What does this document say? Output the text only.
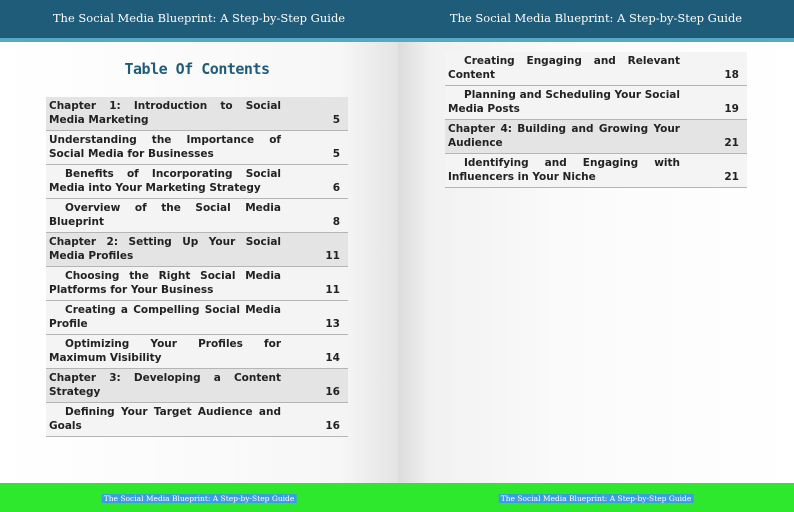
The Social Media Blueprint: A Step-by-Step Guide
Table Of Contents
Chapter 1: Introduction to Social Media Marketing	5
Understanding the Importance of Social Media for Businesses	5
Benefits of Incorporating Social Media into Your Marketing Strategy	6
Overview of the Social Media Blueprint	8
Chapter 2: Setting Up Your Social Media Profiles	11
Choosing the Right Social Media Platforms for Your Business	11
Creating a Compelling Social Media Profile	13
Optimizing Your Profiles for Maximum Visibility	14
Chapter 3: Developing a Content Strategy	16
Defining Your Target Audience and Goals	16
The Social Media Blueprint: A Step-by-Step Guide
The Social Media Blueprint: A Step-by-Step Guide
Creating Engaging and Relevant Content	18
Planning and Scheduling Your Social Media Posts	19
Chapter 4: Building and Growing Your Audience	21
Identifying and Engaging with Influencers in Your Niche	21
The Social Media Blueprint: A Step-by-Step Guide
